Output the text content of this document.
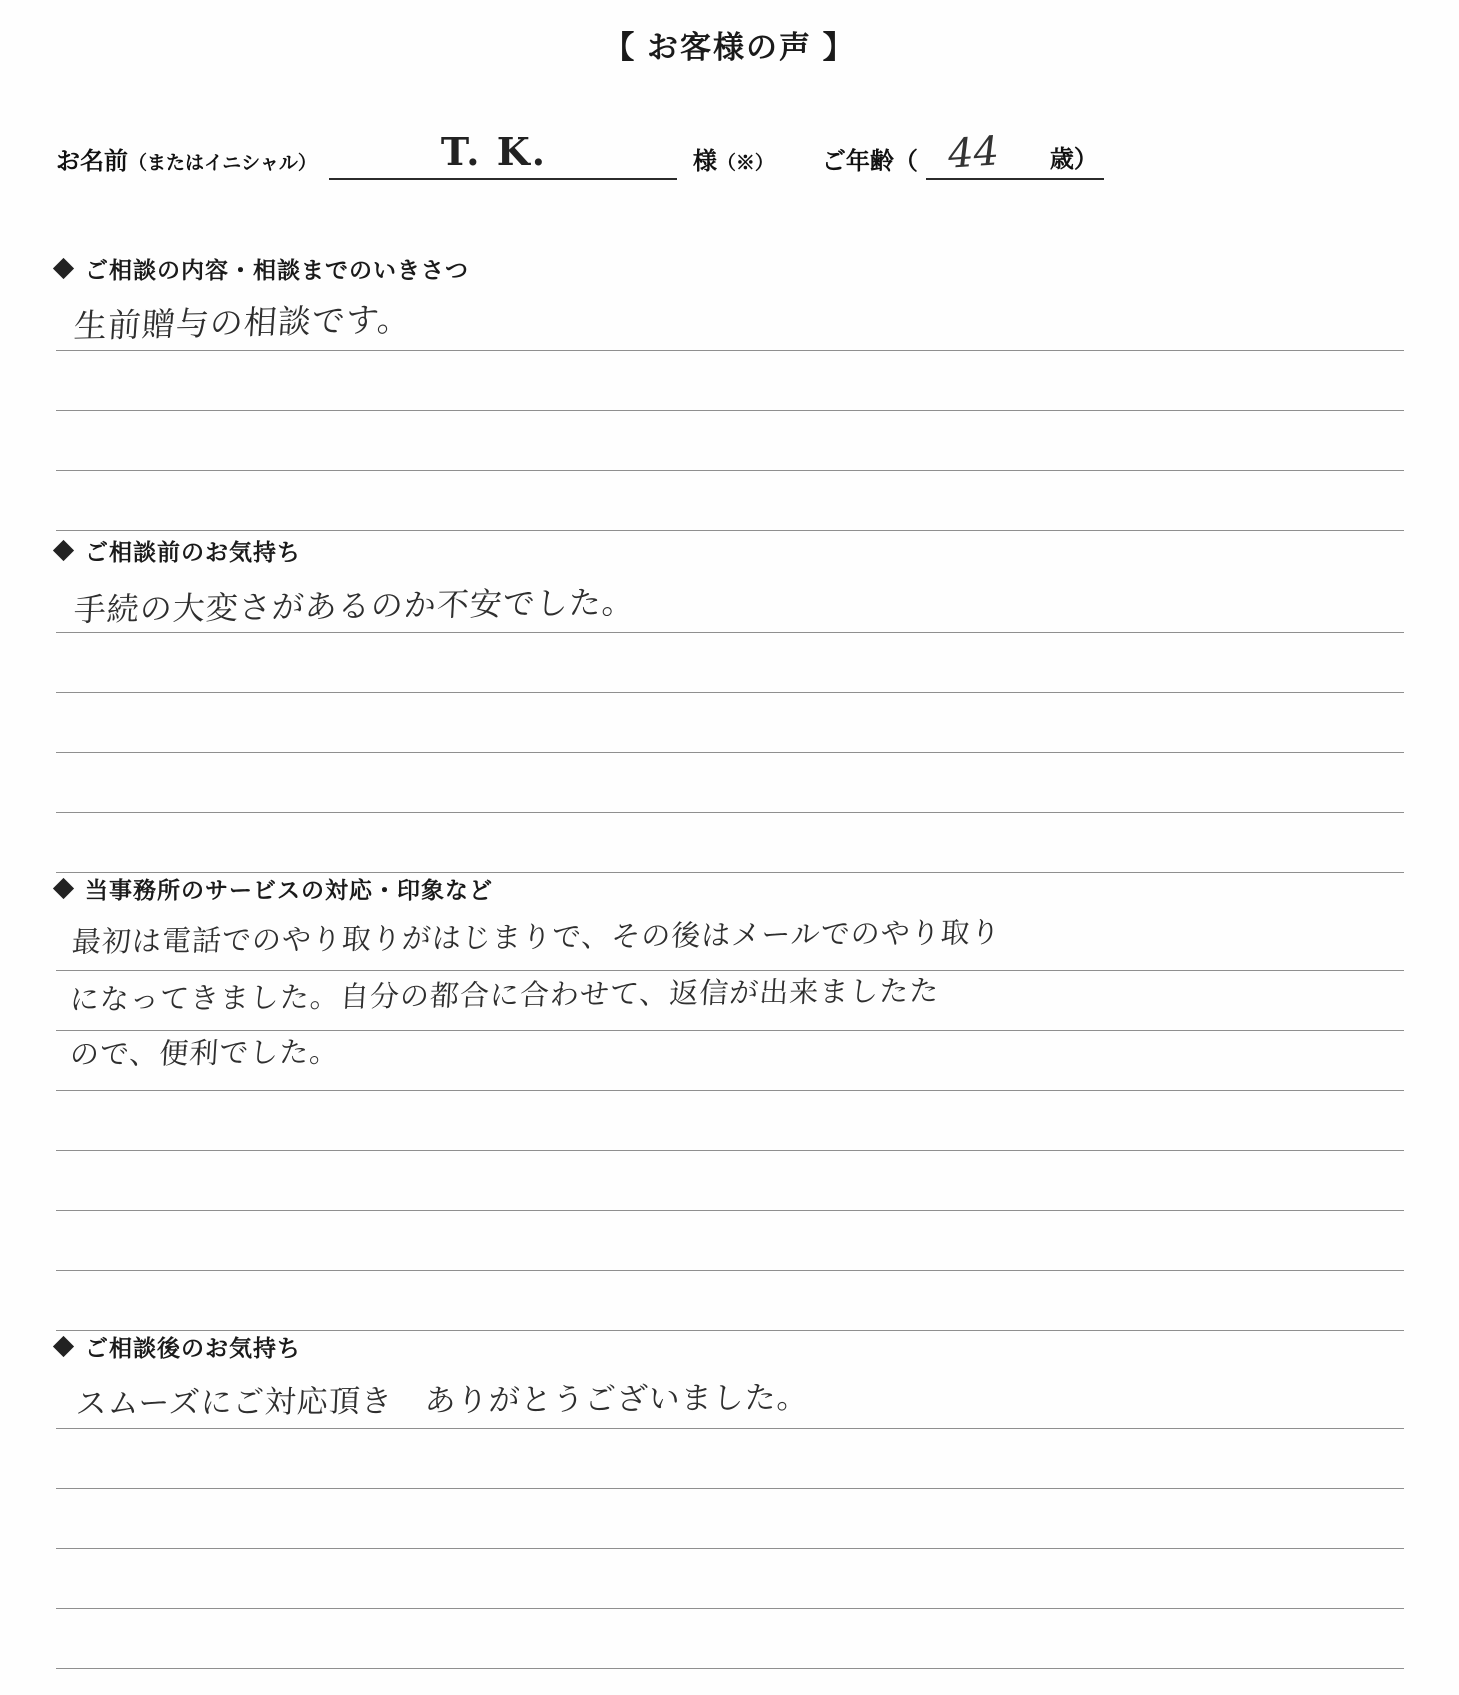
【 お客様の声 】
お名前（またはイニシャル）	T. K.	様（※） ご年齢（ 44 歳）
ご相談の内容・相談までのいきさつ
生前贈与の相談です。
ご相談前のお気持ち
手続の大変さがあるのか不安でした。
当事務所のサービスの対応・印象など
最初は電話でのやり取りがはじまりで、その後はメールでのやり取り
になってきました。自分の都合に合わせて、返信が出来ましたた
ので、便利でした。
ご相談後のお気持ち
スムーズにご対応頂き　ありがとうございました。
